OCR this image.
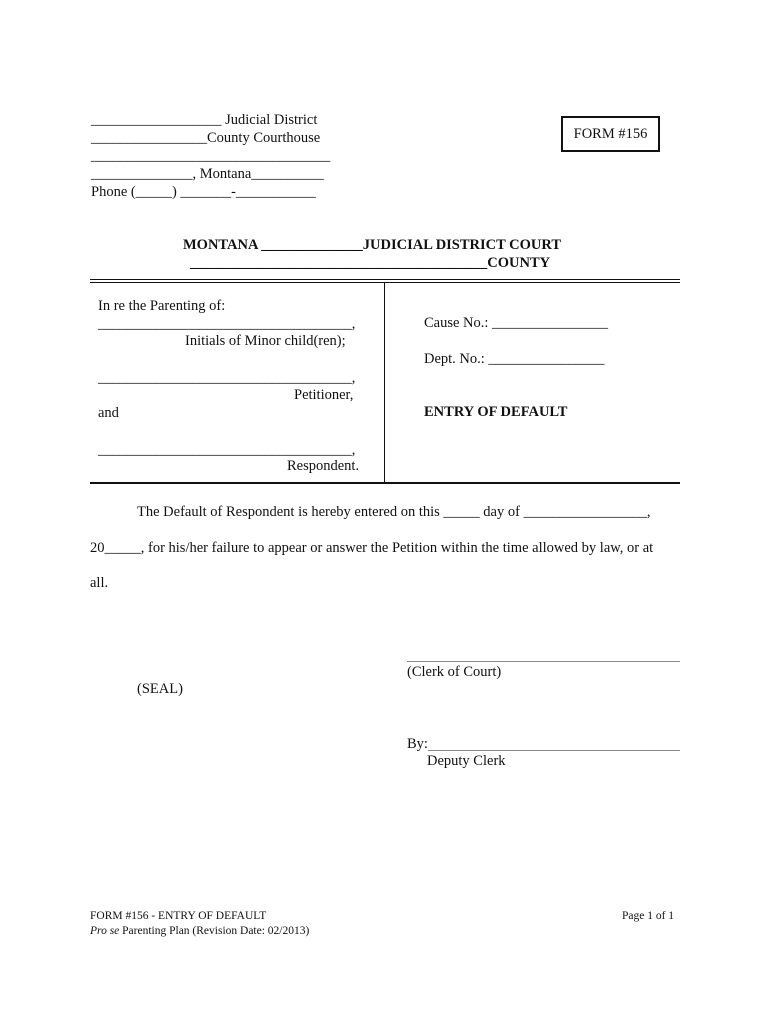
__________________ Judicial District
________________County Courthouse
_________________________________
______________, Montana__________
Phone (_____) _______-___________
FORM #156
MONTANA ______________JUDICIAL DISTRICT COURT
_________________________________________COUNTY
In re the Parenting of:
___________________________________,
Initials of Minor child(ren);
___________________________________,
Petitioner,
and
___________________________________,
Respondent.
Cause No.: ________________
Dept. No.: ________________
ENTRY OF DEFAULT
The Default of Respondent is hereby entered on this _____ day of _________________,
20_____, for his/her failure to appear or answer the Petition within the time allowed by law, or at
all.
(Clerk of Court)
(SEAL)
By:
Deputy Clerk
FORM #156 - ENTRY OF DEFAULT
Pro se Parenting Plan (Revision Date: 02/2013)
Page 1 of 1
